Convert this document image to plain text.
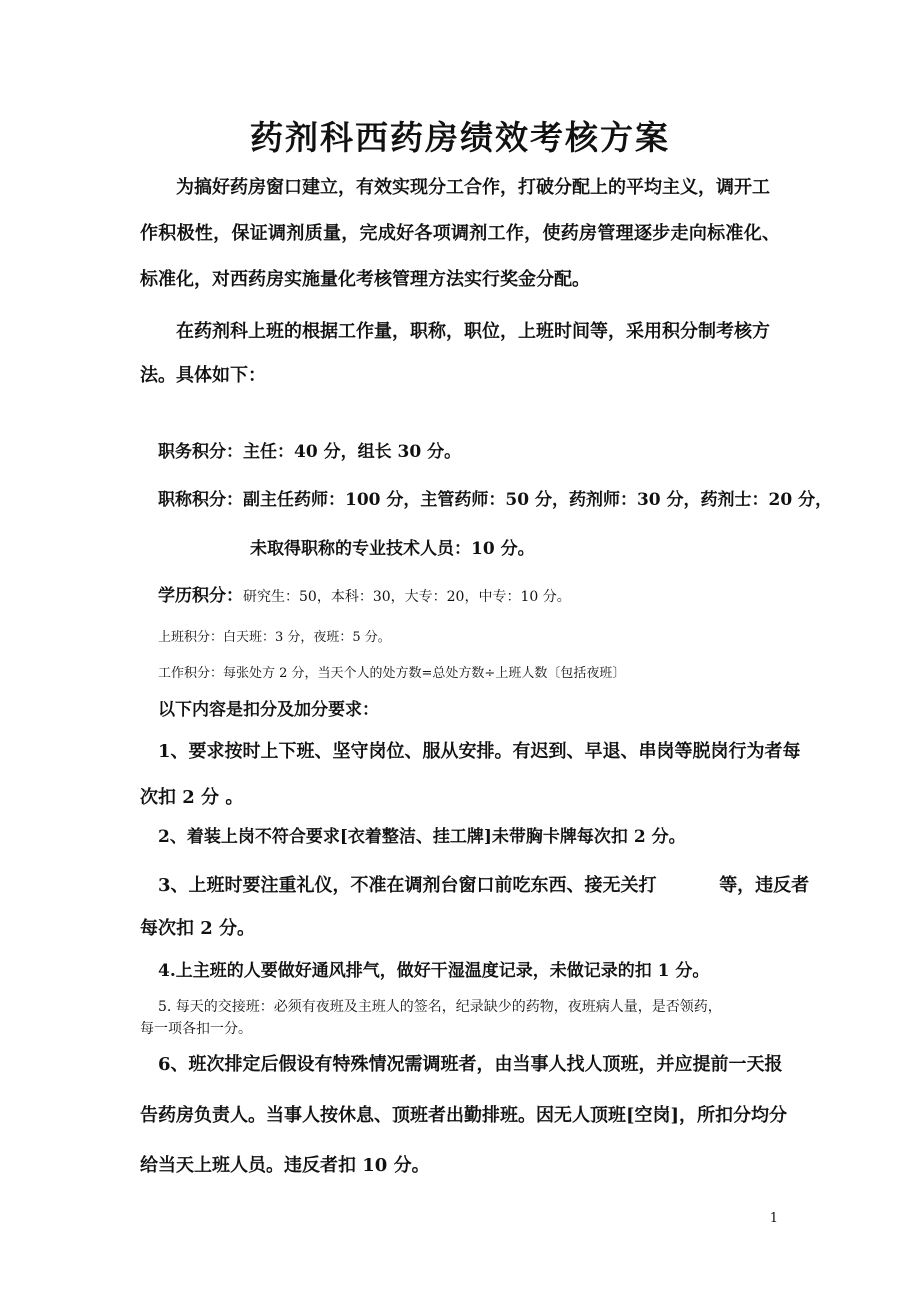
药剂科西药房绩效考核方案

为搞好药房窗口建立，有效实现分工合作，打破分配上的平均主义，调开工

作积极性，保证调剂质量，完成好各项调剂工作，使药房管理逐步走向标准化、

标准化，对西药房实施量化考核管理方法实行奖金分配。

在药剂科上班的根据工作量，职称，职位，上班时间等，采用积分制考核方

法。具体如下：

职务积分：主任：40 分，组长 30 分。

职称积分：副主任药师：100 分，主管药师：50 分，药剂师：30 分，药剂士：20 分，

未取得职称的专业技术人员：10 分。

学历积分：研究生：50，本科：30，大专：20，中专：10 分。

上班积分：白天班：3 分，夜班：5 分。

工作积分：每张处方 2 分，当天个人的处方数=总处方数÷上班人数〔包括夜班〕

以下内容是扣分及加分要求：

1、要求按时上下班、坚守岗位、服从安排。有迟到、早退、串岗等脱岗行为者每

次扣 2 分 。

2、着装上岗不符合要求[衣着整洁、挂工牌]未带胸卡牌每次扣 2 分。

3、上班时要注重礼仪，不准在调剂台窗口前吃东西、接无关打          等，违反者

每次扣 2 分。

4.上主班的人要做好通风排气，做好干湿温度记录，未做记录的扣 1 分。

5. 每天的交接班：必须有夜班及主班人的签名，纪录缺少的药物，夜班病人量，是否领药，

每一项各扣一分。

6、班次排定后假设有特殊情况需调班者，由当事人找人顶班，并应提前一天报

告药房负责人。当事人按休息、顶班者出勤排班。因无人顶班[空岗]，所扣分均分

给当天上班人员。违反者扣 10 分。

1
